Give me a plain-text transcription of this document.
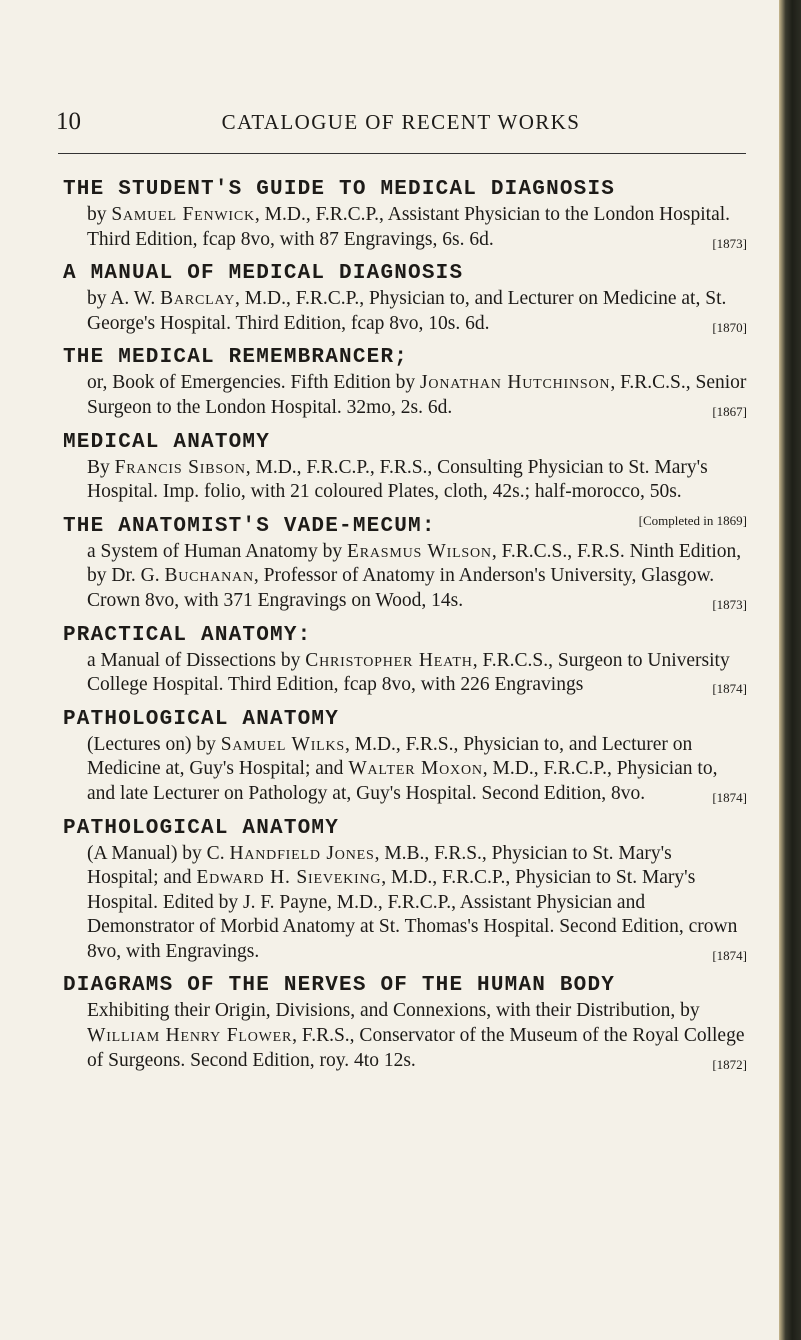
10	CATALOGUE OF RECENT WORKS
THE STUDENT'S GUIDE TO MEDICAL DIAGNOSIS
by Samuel Fenwick, M.D., F.R.C.P., Assistant Physician to the London Hospital. Third Edition, fcap 8vo, with 87 Engravings, 6s. 6d.	[1873]
A MANUAL OF MEDICAL DIAGNOSIS
by A. W. Barclay, M.D., F.R.C.P., Physician to, and Lecturer on Medicine at, St. George's Hospital. Third Edition, fcap 8vo, 10s. 6d.	[1870]
THE MEDICAL REMEMBRANCER;
or, Book of Emergencies. Fifth Edition by Jonathan Hutchinson, F.R.C.S., Senior Surgeon to the London Hospital. 32mo, 2s. 6d.	[1867]
MEDICAL ANATOMY
By Francis Sibson, M.D., F.R.C.P., F.R.S., Consulting Physician to St. Mary's Hospital. Imp. folio, with 21 coloured Plates, cloth, 42s.; half-morocco, 50s.
[Completed in 1869]
THE ANATOMIST'S VADE-MECUM:
a System of Human Anatomy by Erasmus Wilson, F.R.C.S., F.R.S. Ninth Edition, by Dr. G. Buchanan, Professor of Anatomy in Anderson's University, Glasgow. Crown 8vo, with 371 Engravings on Wood, 14s.	[1873]
PRACTICAL ANATOMY:
a Manual of Dissections by Christopher Heath, F.R.C.S., Surgeon to University College Hospital. Third Edition, fcap 8vo, with 226 Engravings	[1874]
PATHOLOGICAL ANATOMY
(Lectures on) by Samuel Wilks, M.D., F.R.S., Physician to, and Lecturer on Medicine at, Guy's Hospital; and Walter Moxon, M.D., F.R.C.P., Physician to, and late Lecturer on Pathology at, Guy's Hospital. Second Edition, 8vo.	[1874]
PATHOLOGICAL ANATOMY
(A Manual) by C. Handfield Jones, M.B., F.R.S., Physician to St. Mary's Hospital; and Edward H. Sieveking, M.D., F.R.C.P., Physician to St. Mary's Hospital. Edited by J. F. Payne, M.D., F.R.C.P., Assistant Physician and Demonstrator of Morbid Anatomy at St. Thomas's Hospital. Second Edition, crown 8vo, with Engravings.	[1874]
DIAGRAMS OF THE NERVES OF THE HUMAN BODY
Exhibiting their Origin, Divisions, and Connexions, with their Distribution, by William Henry Flower, F.R.S., Conservator of the Museum of the Royal College of Surgeons. Second Edition, roy. 4to 12s.	[1872]
